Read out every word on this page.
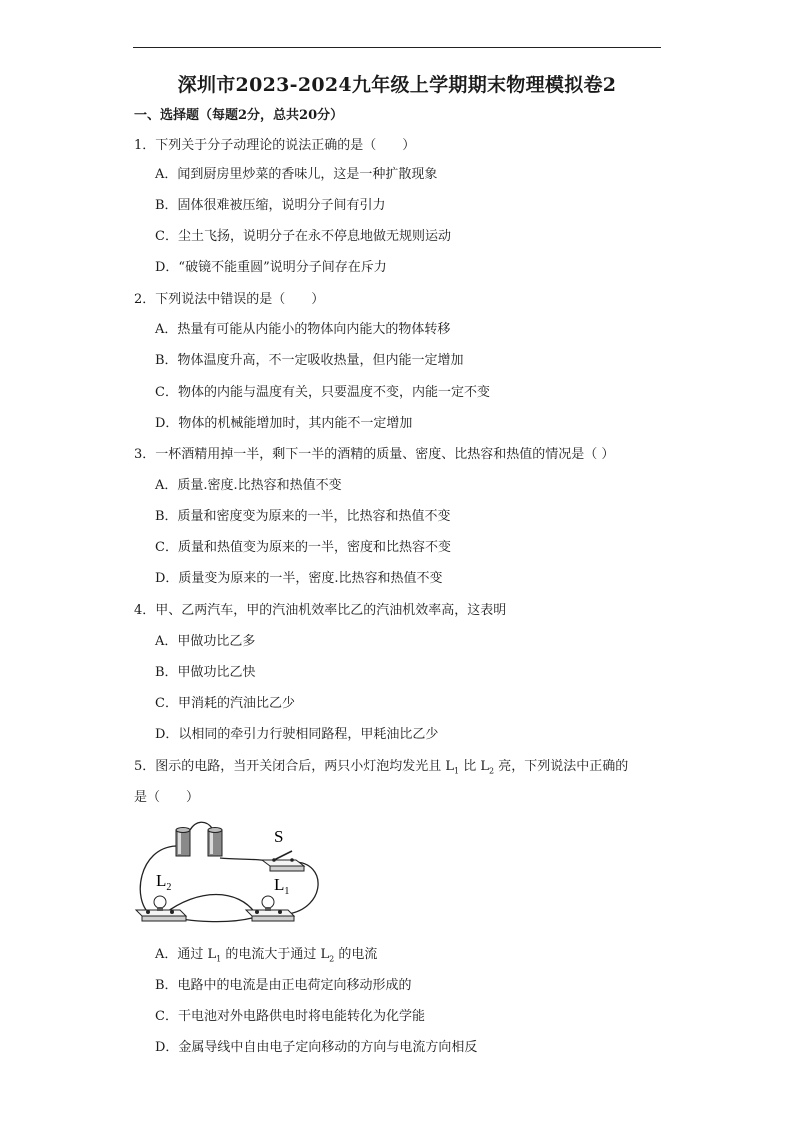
深圳市2023-2024九年级上学期期末物理模拟卷2
一、选择题（每题2分，总共20分）
1．下列关于分子动理论的说法正确的是（　　）
A．闻到厨房里炒菜的香味儿，这是一种扩散现象
B．固体很难被压缩，说明分子间有引力
C．尘土飞扬，说明分子在永不停息地做无规则运动
D．“破镜不能重圆”说明分子间存在斥力
2．下列说法中错误的是（　　）
A．热量有可能从内能小的物体向内能大的物体转移
B．物体温度升高，不一定吸收热量，但内能一定增加
C．物体的内能与温度有关，只要温度不变，内能一定不变
D．物体的机械能增加时，其内能不一定增加
3．一杯酒精用掉一半，剩下一半的酒精的质量、密度、比热容和热值的情况是（ ）
A．质量.密度.比热容和热值不变
B．质量和密度变为原来的一半，比热容和热值不变
C．质量和热值变为原来的一半，密度和比热容不变
D．质量变为原来的一半，密度.比热容和热值不变
4．甲、乙两汽车，甲的汽油机效率比乙的汽油机效率高，这表明
A．甲做功比乙多
B．甲做功比乙快
C．甲消耗的汽油比乙少
D．以相同的牵引力行驶相同路程，甲耗油比乙少
5．图示的电路，当开关闭合后，两只小灯泡均发光且 $L_1$ 比 $L_2$ 亮，下列说法中正确的
是（　　）
S
$L_2$	$L_1$
A．通过 $L_1$ 的电流大于通过 $L_2$ 的电流
B．电路中的电流是由正电荷定向移动形成的
C．干电池对外电路供电时将电能转化为化学能
D．金属导线中自由电子定向移动的方向与电流方向相反
